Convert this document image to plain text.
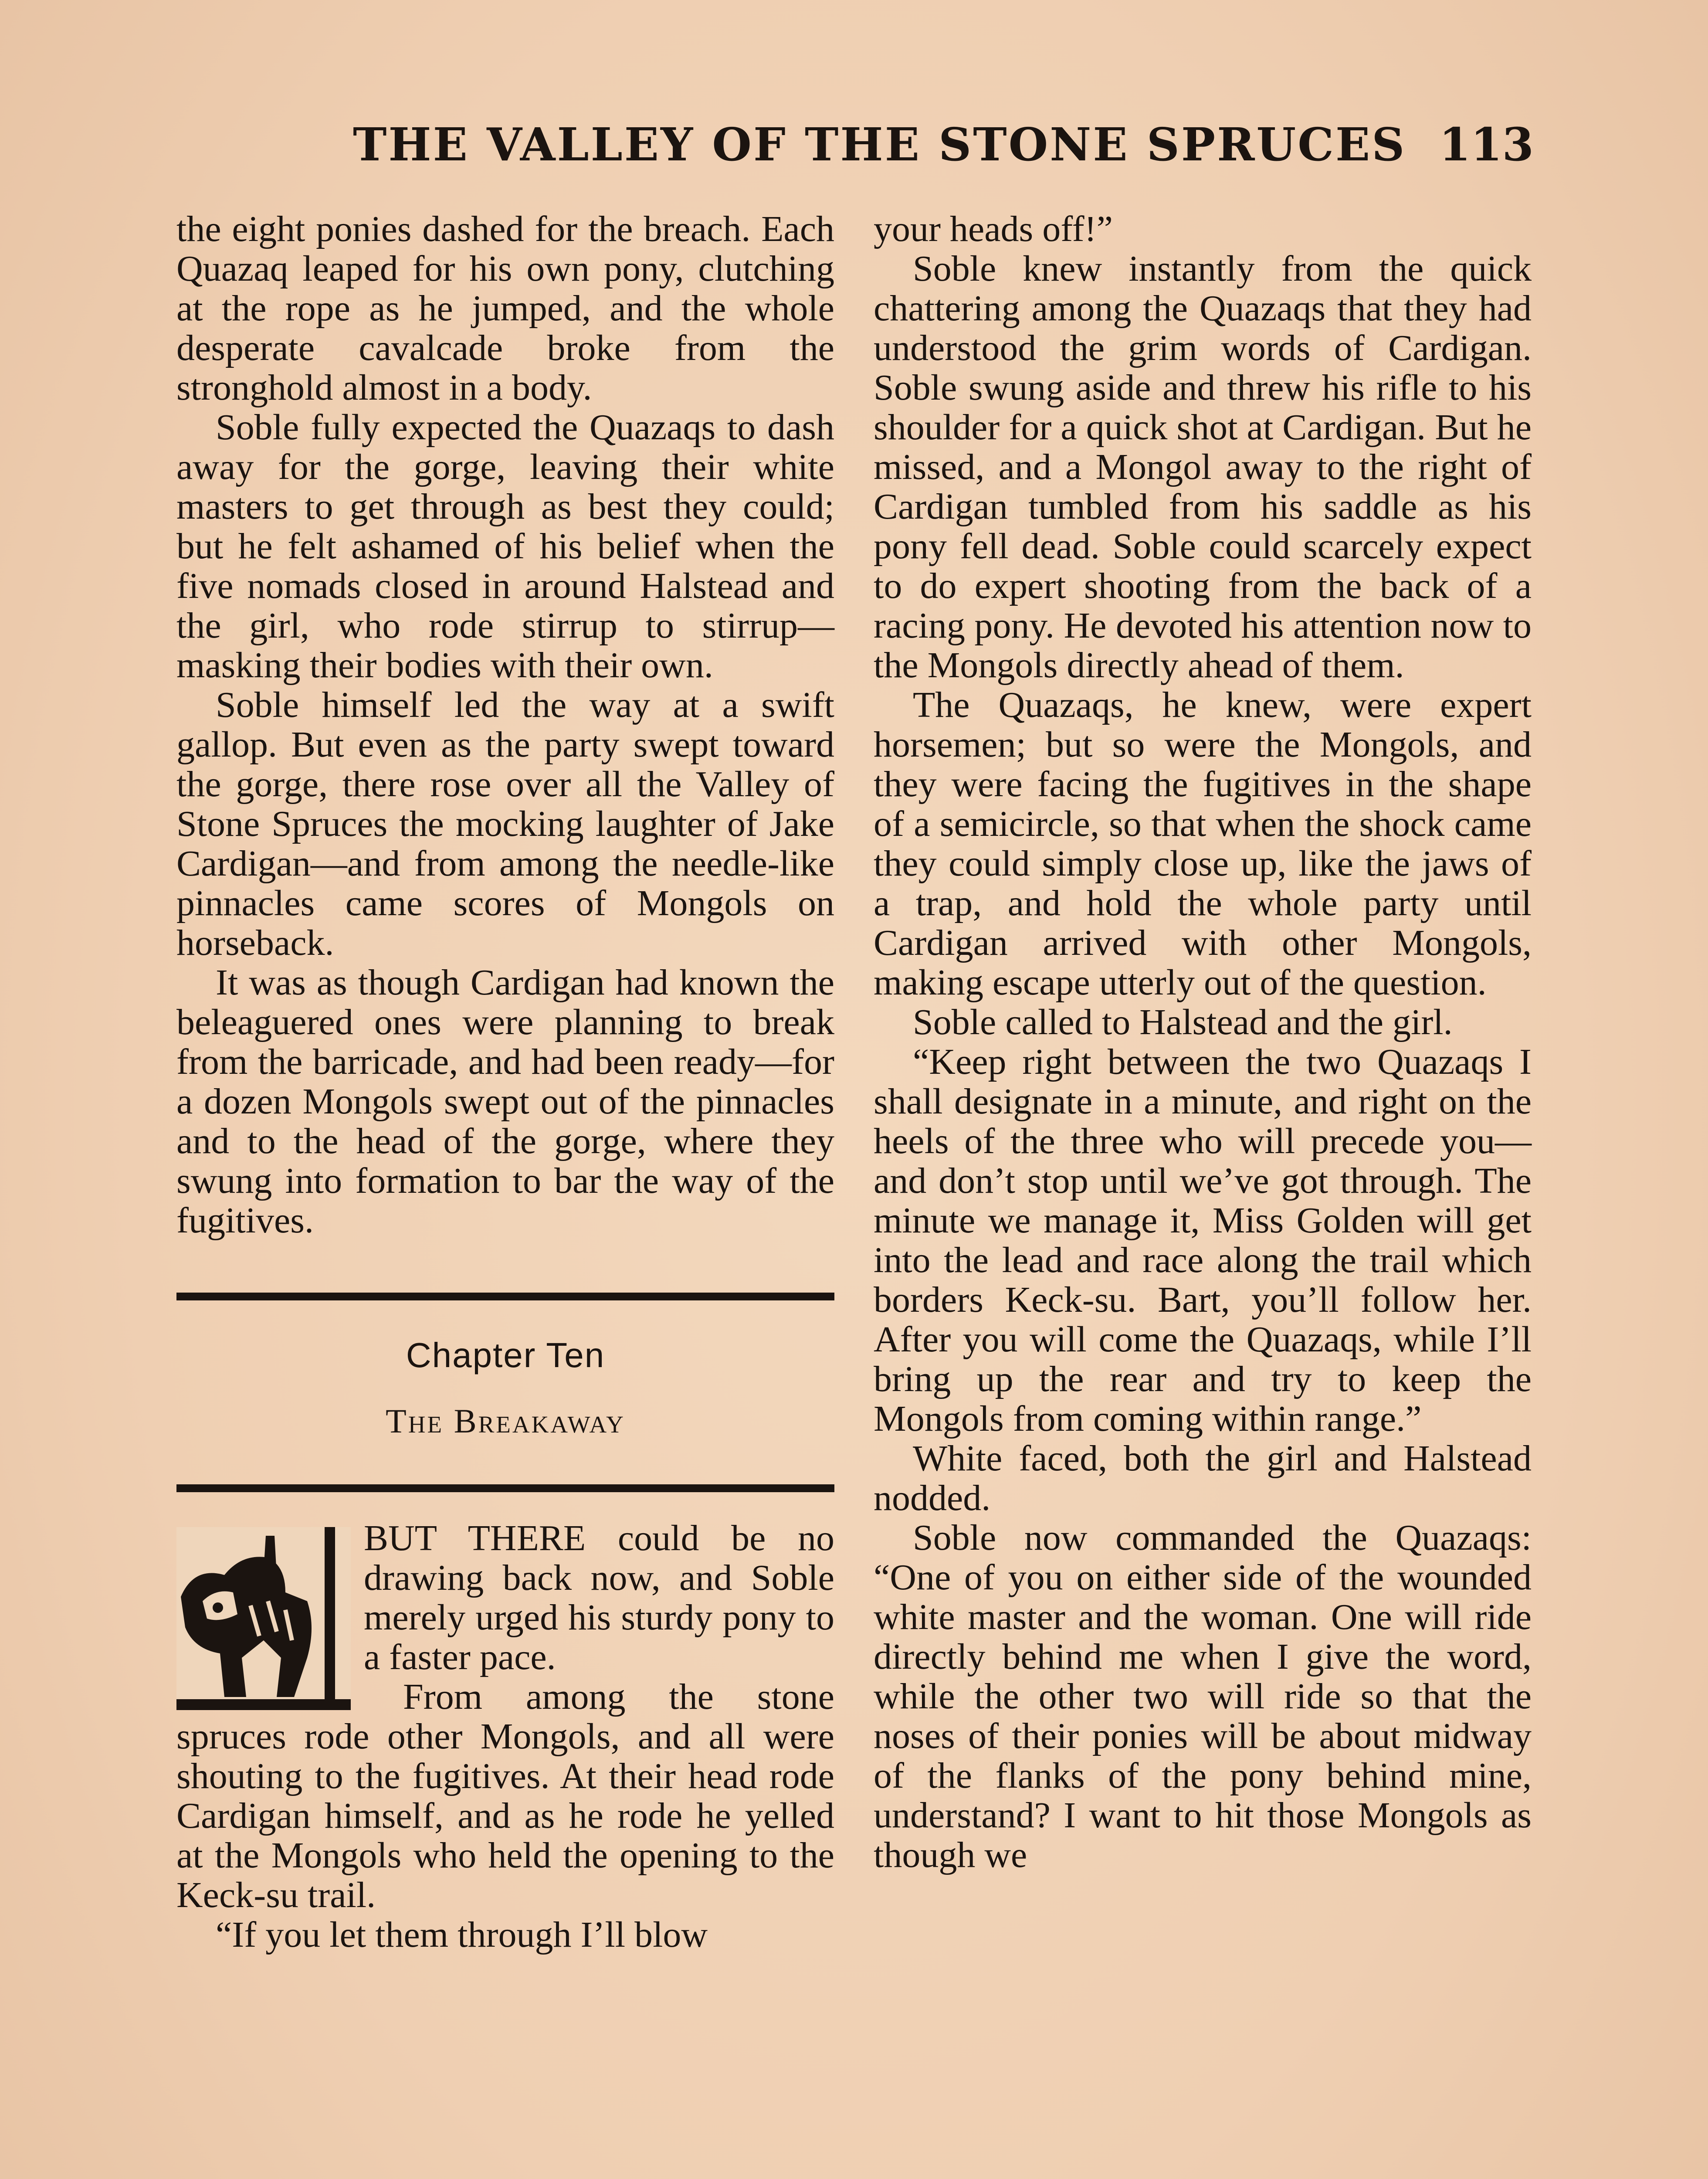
THE VALLEY OF THE STONE SPRUCES 113

the eight ponies dashed for the breach. Each Quazaq leaped for his own pony, clutching at the rope as he jumped, and the whole desperate cavalcade broke from the stronghold almost in a body.

Soble fully expected the Quazaqs to dash away for the gorge, leaving their white masters to get through as best they could; but he felt ashamed of his belief when the five nomads closed in around Halstead and the girl, who rode stirrup to stirrup—masking their bodies with their own.

Soble himself led the way at a swift gallop. But even as the party swept toward the gorge, there rose over all the Valley of Stone Spruces the mocking laughter of Jake Cardigan—and from among the needle-like pinnacles came scores of Mongols on horseback.

It was as though Cardigan had known the beleaguered ones were planning to break from the barricade, and had been ready—for a dozen Mongols swept out of the pinnacles and to the head of the gorge, where they swung into formation to bar the way of the fugitives.

Chapter Ten
The Breakaway

BUT THERE could be no drawing back now, and Soble merely urged his sturdy pony to a faster pace.

From among the stone spruces rode other Mongols, and all were shouting to the fugitives. At their head rode Cardigan himself, and as he rode he yelled at the Mongols who held the opening to the Keck-su trail.

“If you let them through I’ll blow

your heads off!”

Soble knew instantly from the quick chattering among the Quazaqs that they had understood the grim words of Cardigan. Soble swung aside and threw his rifle to his shoulder for a quick shot at Cardigan. But he missed, and a Mongol away to the right of Cardigan tumbled from his saddle as his pony fell dead. Soble could scarcely expect to do expert shooting from the back of a racing pony. He devoted his attention now to the Mongols directly ahead of them.

The Quazaqs, he knew, were expert horsemen; but so were the Mongols, and they were facing the fugitives in the shape of a semicircle, so that when the shock came they could simply close up, like the jaws of a trap, and hold the whole party until Cardigan arrived with other Mongols, making escape utterly out of the question.

Soble called to Halstead and the girl.

“Keep right between the two Quazaqs I shall designate in a minute, and right on the heels of the three who will precede you—and don’t stop until we’ve got through. The minute we manage it, Miss Golden will get into the lead and race along the trail which borders Keck-su. Bart, you’ll follow her. After you will come the Quazaqs, while I’ll bring up the rear and try to keep the Mongols from coming within range.”

White faced, both the girl and Halstead nodded.

Soble now commanded the Quazaqs: “One of you on either side of the wounded white master and the woman. One will ride directly behind me when I give the word, while the other two will ride so that the noses of their ponies will be about midway of the flanks of the pony behind mine, understand? I want to hit those Mongols as though we
